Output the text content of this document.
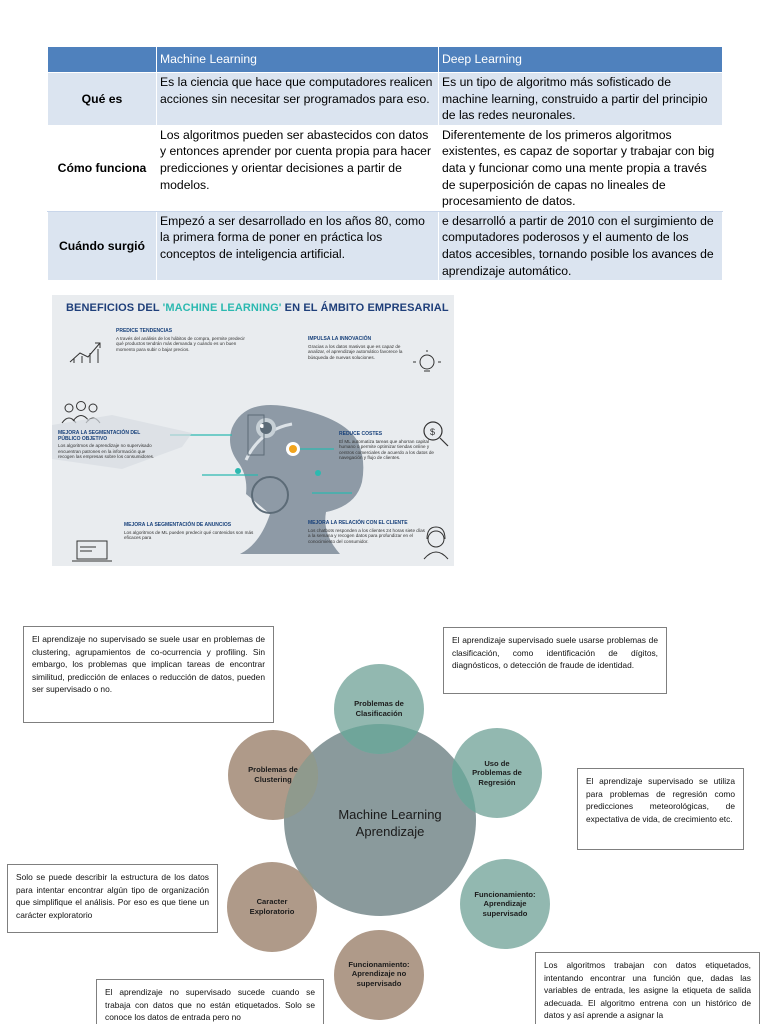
	Machine Learning	Deep Learning
Qué es	Es la ciencia que hace que computadores realicen acciones sin necesitar ser programados para eso.	Es un tipo de algoritmo más sofisticado de machine learning, construido a partir del principio de las redes neuronales.
Cómo funciona	Los algoritmos pueden ser abastecidos con datos y entonces aprender por cuenta propia para hacer predicciones y orientar decisiones a partir de modelos.	Diferentemente de los primeros algoritmos existentes, es capaz de soportar y trabajar con big data y funcionar como una mente propia a través de superposición de capas no lineales de procesamiento de datos.
Cuándo surgió	Empezó a ser desarrollado en los años 80, como la primera forma de poner en práctica los conceptos de inteligencia artificial.	e desarrolló a partir de 2010 con el surgimiento de computadores poderosos y el aumento de los datos accesibles, tornando posible los avances de aprendizaje automático.
BENEFICIOS DEL 'MACHINE LEARNING' EN EL ÁMBITO EMPRESARIAL
$
PREDICE TENDENCIAS
A través del análisis de los hábitos de compra, permite predecir qué productos tendrán más demanda y cuándo es un buen momento para subir o bajar precios.
IMPULSA LA INNOVACIÓN
Gracias a los datos masivos que es capaz de analizar, el aprendizaje automático favorece la búsqueda de nuevas soluciones.
MEJORA LA SEGMENTACIÓN DEL PÚBLICO OBJETIVO
Los algoritmos de aprendizaje no supervisado encuentran patrones en la información que recogen las empresas sobre los consumidores.
REDUCE COSTES
El ML automatiza tareas que ahorran capital humano o permite optimizar tiendas online y centros comerciales de acuerdo a los datos de navegación y flujo de clientes.
MEJORA LA SEGMENTACIÓN DE ANUNCIOS
Los algoritmos de ML pueden predecir qué contenidos son más eficaces para
MEJORA LA RELACIÓN CON EL CLIENTE
Los chatbots responden a los clientes 24 horas siete días a la semana y recogen datos para profundizar en el conocimiento del consumidor.
Machine Learning Aprendizaje
Problemas de Clasificación
Uso de Problemas de Regresión
Funcionamiento: Aprendizaje supervisado
Funcionamiento: Aprendizaje no supervisado
Caracter Exploratorio
Problemas de Clustering
El aprendizaje no supervisado se suele usar en problemas de clustering, agrupamientos de co-ocurrencia y profiling. Sin embargo, los problemas que implican tareas de encontrar similitud, predicción de enlaces o reducción de datos, pueden ser supervisado o no.
El aprendizaje supervisado suele usarse problemas de clasificación, como identificación de dígitos, diagnósticos, o detección de fraude de identidad.
El aprendizaje supervisado se utiliza para problemas de regresión como predicciones meteorológicas, de expectativa de vida, de crecimiento etc.
Solo se puede describir la estructura de los datos para intentar encontrar algún tipo de organización que simplifique el análisis. Por eso es que tiene un carácter exploratorio
El aprendizaje no supervisado sucede cuando se trabaja con datos que no están etiquetados. Solo se conoce los datos de entrada pero no
Los algoritmos trabajan con datos etiquetados, intentando encontrar una función que, dadas las variables de entrada, les asigne la etiqueta de salida adecuada. El algoritmo entrena con un histórico de datos y así aprende a asignar la
